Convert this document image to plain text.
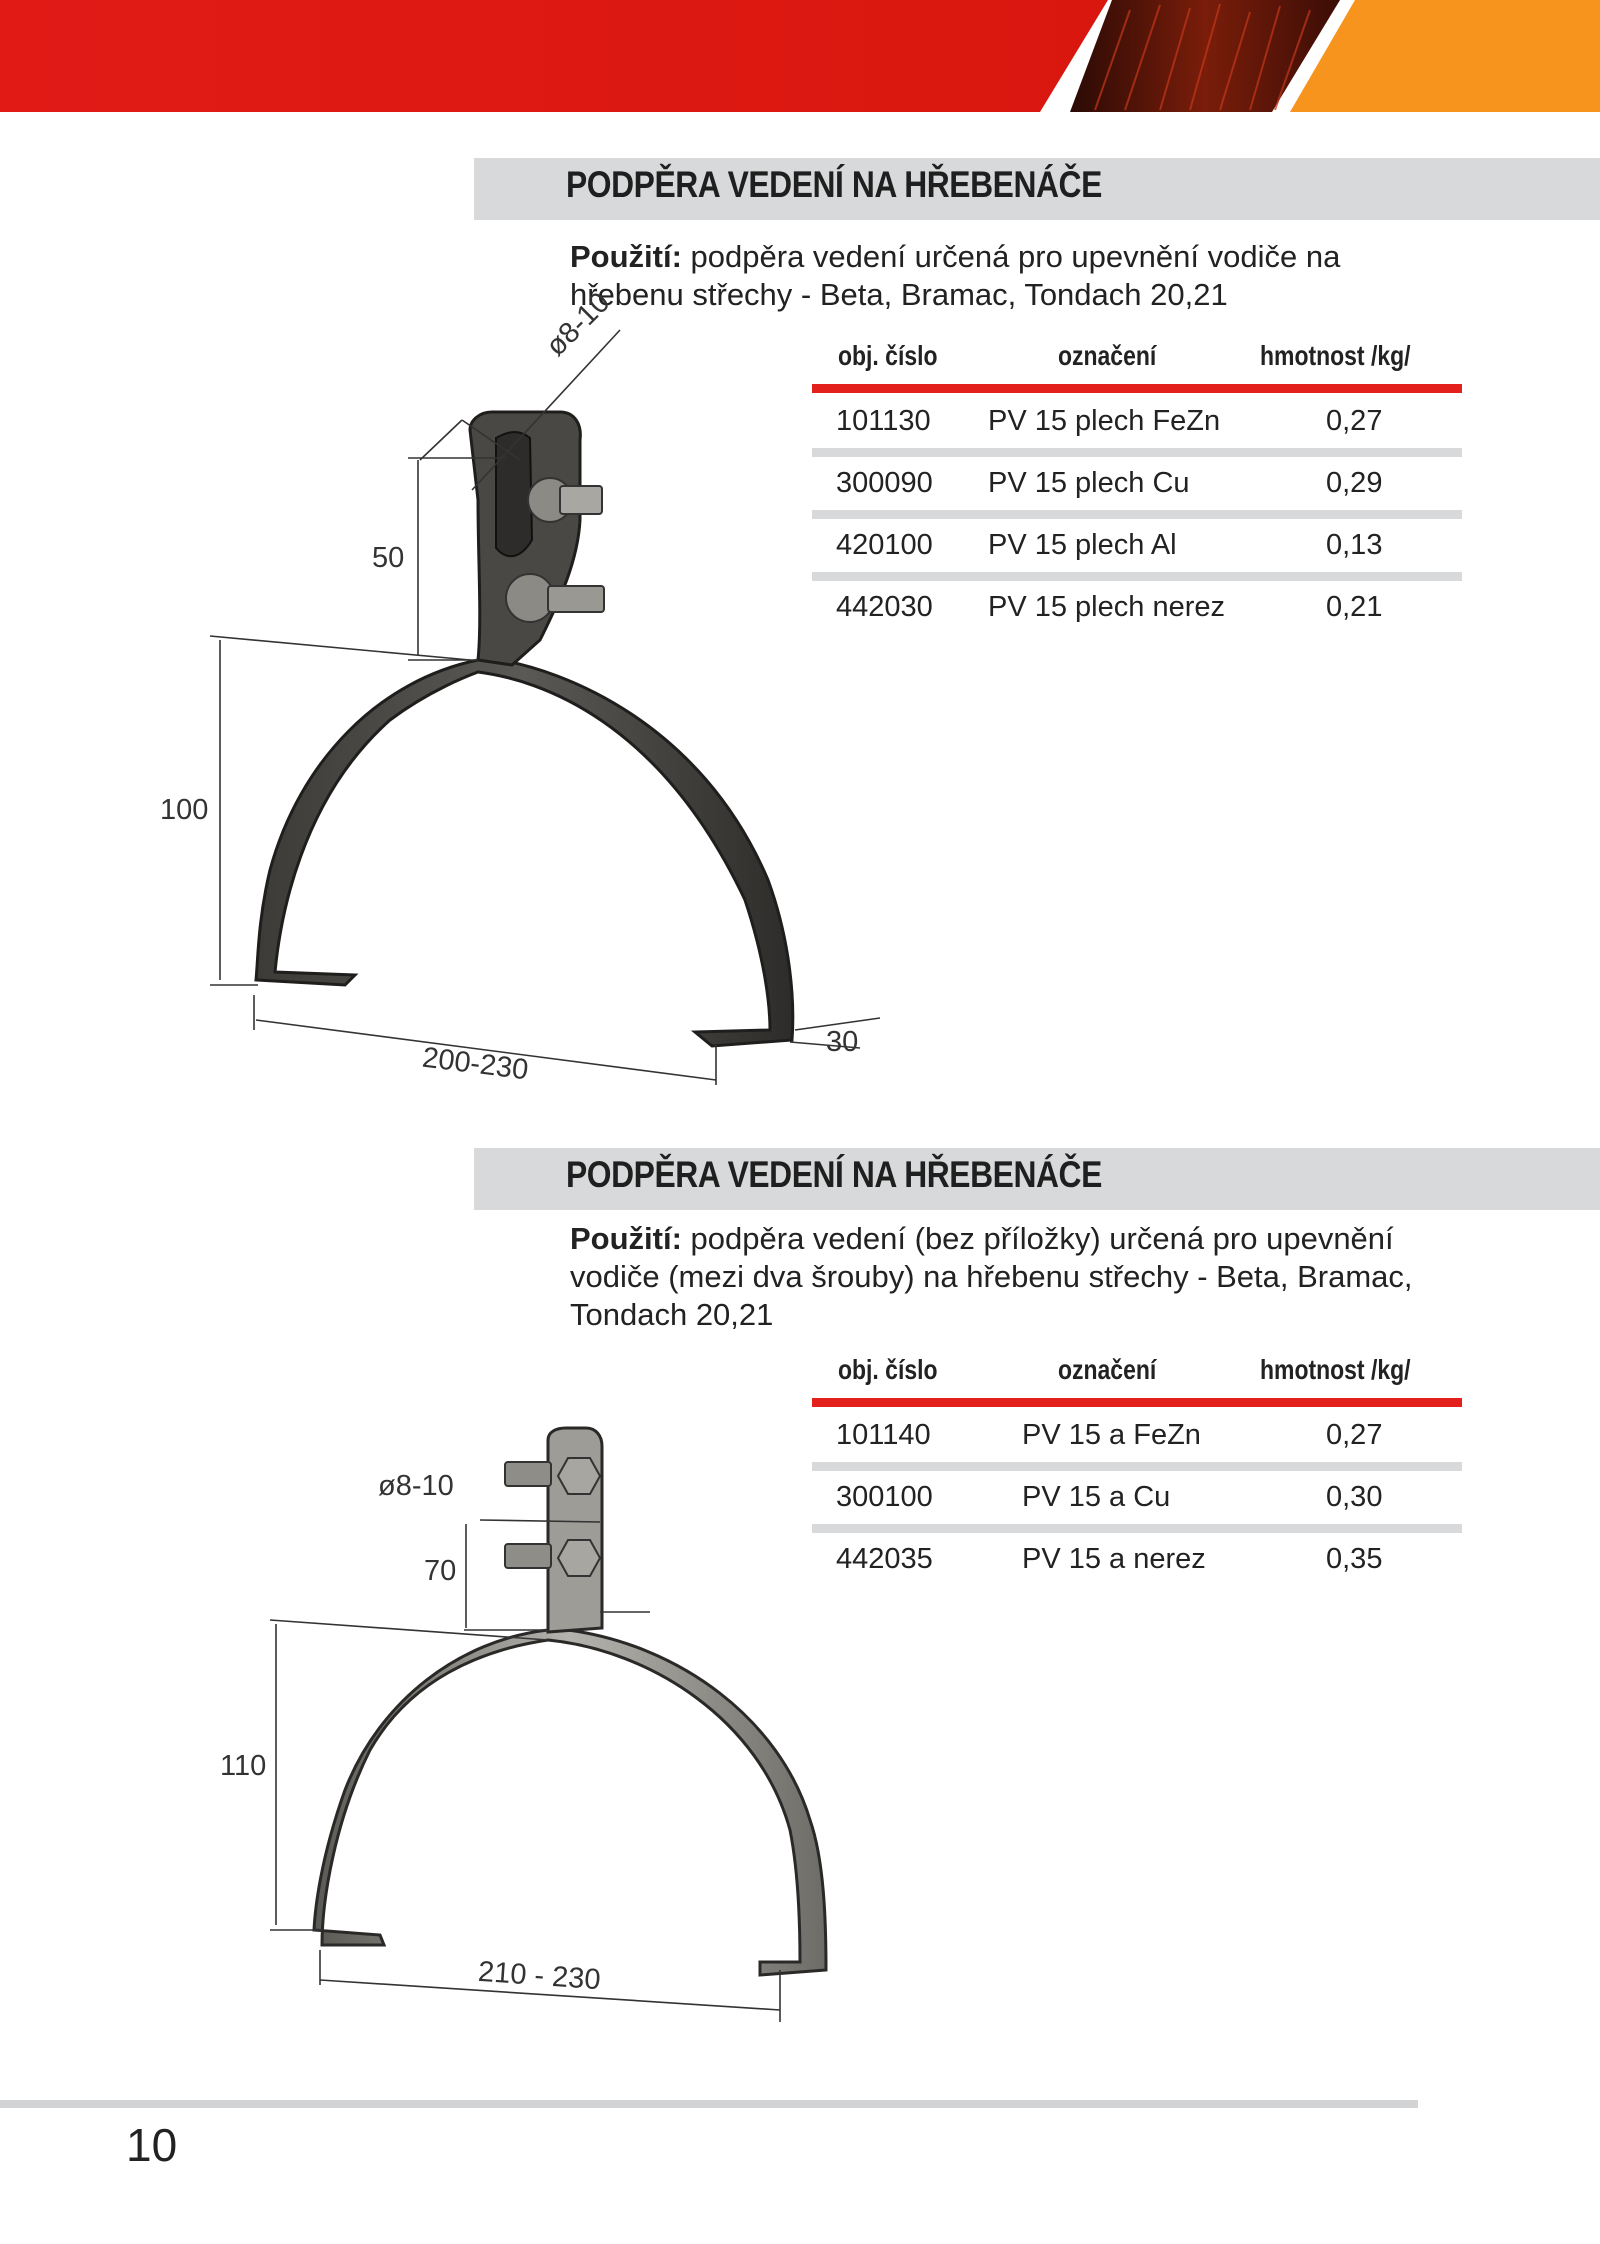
PODPĚRA VEDENÍ NA HŘEBENÁČE
Použití: podpěra vedení určená pro upevnění vodiče na
hřebenu střechy - Beta, Bramac, Tondach 20,21
obj. číslo	označení	hmotnost /kg/
101130 PV 15 plech FeZn	0,27
300090 PV 15 plech Cu	0,29
420100 PV 15 plech Al	0,13
442030 PV 15 plech nerez	0,21
ø8-10
50
100
200-230	30
PODPĚRA VEDENÍ NA HŘEBENÁČE
Použití: podpěra vedení (bez příložky) určená pro upevnění
vodiče (mezi dva šrouby) na hřebenu střechy - Beta, Bramac,
Tondach 20,21
obj. číslo	označení	hmotnost /kg/
101140	PV 15 a FeZn	0,27
300100	PV 15 a Cu	0,30
442035	PV 15 a nerez	0,35
ø8-10
70
110
210 - 230
10
